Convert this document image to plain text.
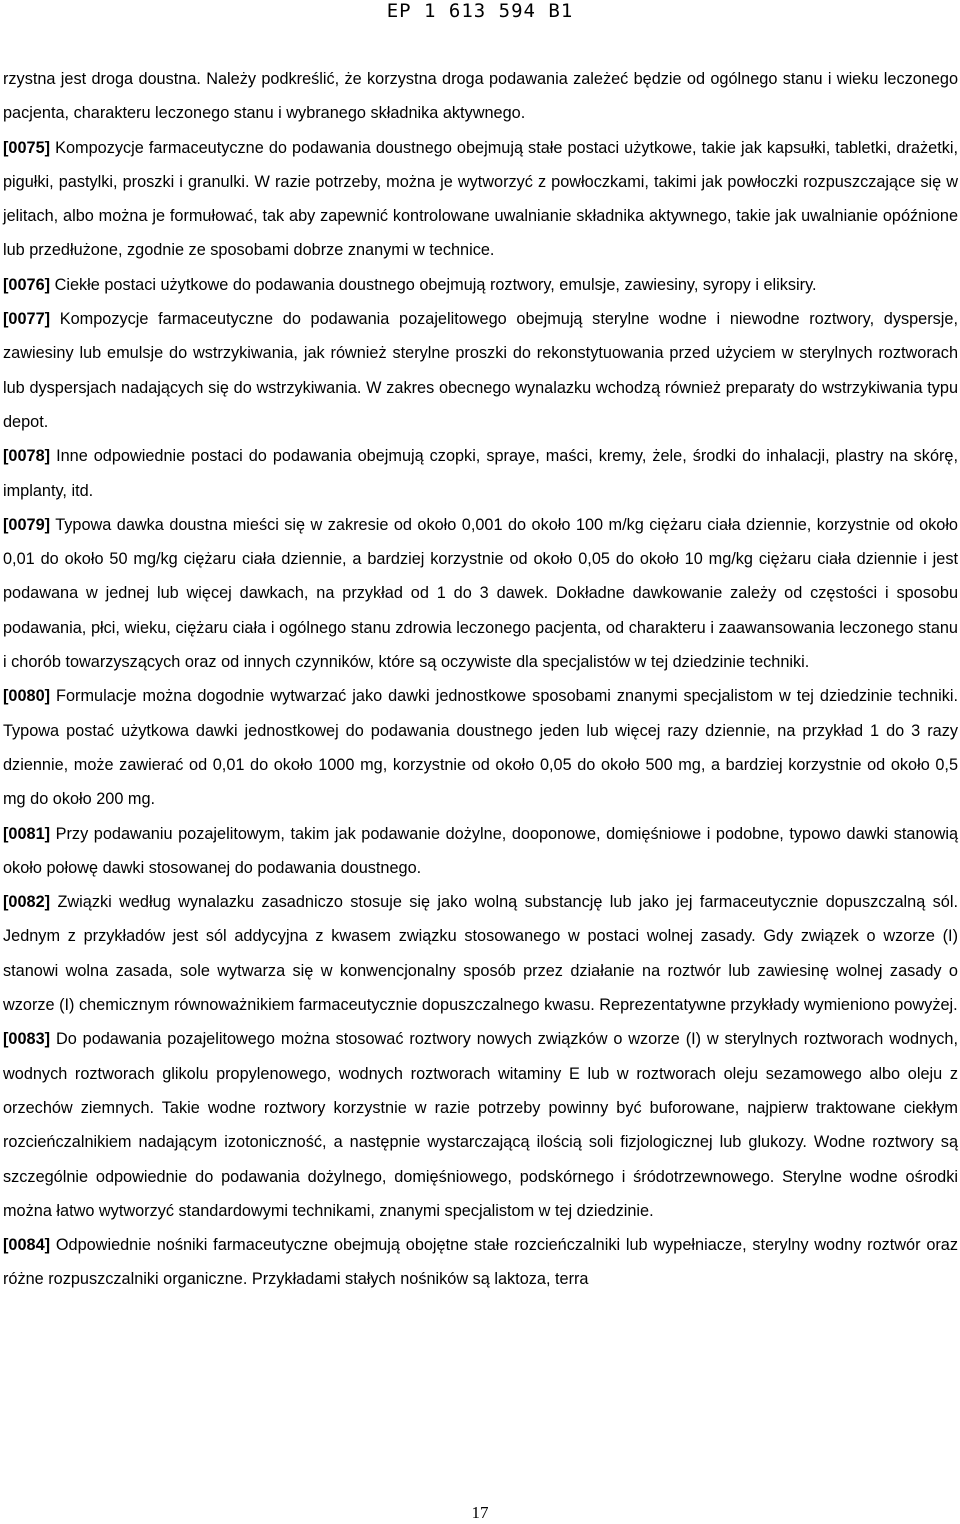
EP 1 613 594 B1

rzystna jest droga doustna. Należy podkreślić, że korzystna droga podawania zależeć będzie od ogólnego stanu i wieku leczonego pacjenta, charakteru leczonego stanu i wybranego składnika aktywnego.

[0075] Kompozycje farmaceutyczne do podawania doustnego obejmują stałe postaci użytkowe, takie jak kapsułki, tabletki, drażetki, pigułki, pastylki, proszki i granulki. W razie potrzeby, można je wytworzyć z powłoczkami, takimi jak powłoczki rozpuszczające się w jelitach, albo można je formułować, tak aby zapewnić kontrolowane uwalnianie składnika aktywnego, takie jak uwalnianie opóźnione lub przedłużone, zgodnie ze sposobami dobrze znanymi w technice.

[0076] Ciekłe postaci użytkowe do podawania doustnego obejmują roztwory, emulsje, zawiesiny, syropy i eliksiry.

[0077] Kompozycje farmaceutyczne do podawania pozajelitowego obejmują sterylne wodne i niewodne roztwory, dyspersje, zawiesiny lub emulsje do wstrzykiwania, jak również sterylne proszki do rekonstytuowania przed użyciem w sterylnych roztworach lub dyspersjach nadających się do wstrzykiwania. W zakres obecnego wynalazku wchodzą również preparaty do wstrzykiwania typu depot.

[0078] Inne odpowiednie postaci do podawania obejmują czopki, spraye, maści, kremy, żele, środki do inhalacji, plastry na skórę, implanty, itd.

[0079] Typowa dawka doustna mieści się w zakresie od około 0,001 do około 100 m/kg ciężaru ciała dziennie, korzystnie od około 0,01 do około 50 mg/kg ciężaru ciała dziennie, a bardziej korzystnie od około 0,05 do około 10 mg/kg ciężaru ciała dziennie i jest podawana w jednej lub więcej dawkach, na przykład od 1 do 3 dawek. Dokładne dawkowanie zależy od częstości i sposobu podawania, płci, wieku, ciężaru ciała i ogólnego stanu zdrowia leczonego pacjenta, od charakteru i zaawansowania leczonego stanu i chorób towarzyszących oraz od innych czynników, które są oczywiste dla specjalistów w tej dziedzinie techniki.

[0080] Formulacje można dogodnie wytwarzać jako dawki jednostkowe sposobami znanymi specjalistom w tej dziedzinie techniki. Typowa postać użytkowa dawki jednostkowej do podawania doustnego jeden lub więcej razy dziennie, na przykład 1 do 3 razy dziennie, może zawierać od 0,01 do około 1000 mg, korzystnie od około 0,05 do około 500 mg, a bardziej korzystnie od około 0,5 mg do około 200 mg.

[0081] Przy podawaniu pozajelitowym, takim jak podawanie dożylne, dooponowe, domięśniowe i podobne, typowo dawki stanowią około połowę dawki stosowanej do podawania doustnego.

[0082] Związki według wynalazku zasadniczo stosuje się jako wolną substancję lub jako jej farmaceutycznie dopuszczalną sól. Jednym z przykładów jest sól addycyjna z kwasem związku stosowanego w postaci wolnej zasady. Gdy związek o wzorze (I) stanowi wolna zasada, sole wytwarza się w konwencjonalny sposób przez działanie na roztwór lub zawiesinę wolnej zasady o wzorze (I) chemicznym równoważnikiem farmaceutycznie dopuszczalnego kwasu. Reprezentatywne przykłady wymieniono powyżej.

[0083] Do podawania pozajelitowego można stosować roztwory nowych związków o wzorze (I) w sterylnych roztworach wodnych, wodnych roztworach glikolu propylenowego, wodnych roztworach witaminy E lub w roztworach oleju sezamowego albo oleju z orzechów ziemnych. Takie wodne roztwory korzystnie w razie potrzeby powinny być buforowane, najpierw traktowane ciekłym rozcieńczalnikiem nadającym izotoniczność, a następnie wystarczającą ilością soli fizjologicznej lub glukozy. Wodne roztwory są szczególnie odpowiednie do podawania dożylnego, domięśniowego, podskórnego i śródotrzewnowego. Sterylne wodne ośrodki można łatwo wytworzyć standardowymi technikami, znanymi specjalistom w tej dziedzinie.

[0084] Odpowiednie nośniki farmaceutyczne obejmują obojętne stałe rozcieńczalniki lub wypełniacze, sterylny wodny roztwór oraz różne rozpuszczalniki organiczne. Przykładami stałych nośników są laktoza, terra

17
